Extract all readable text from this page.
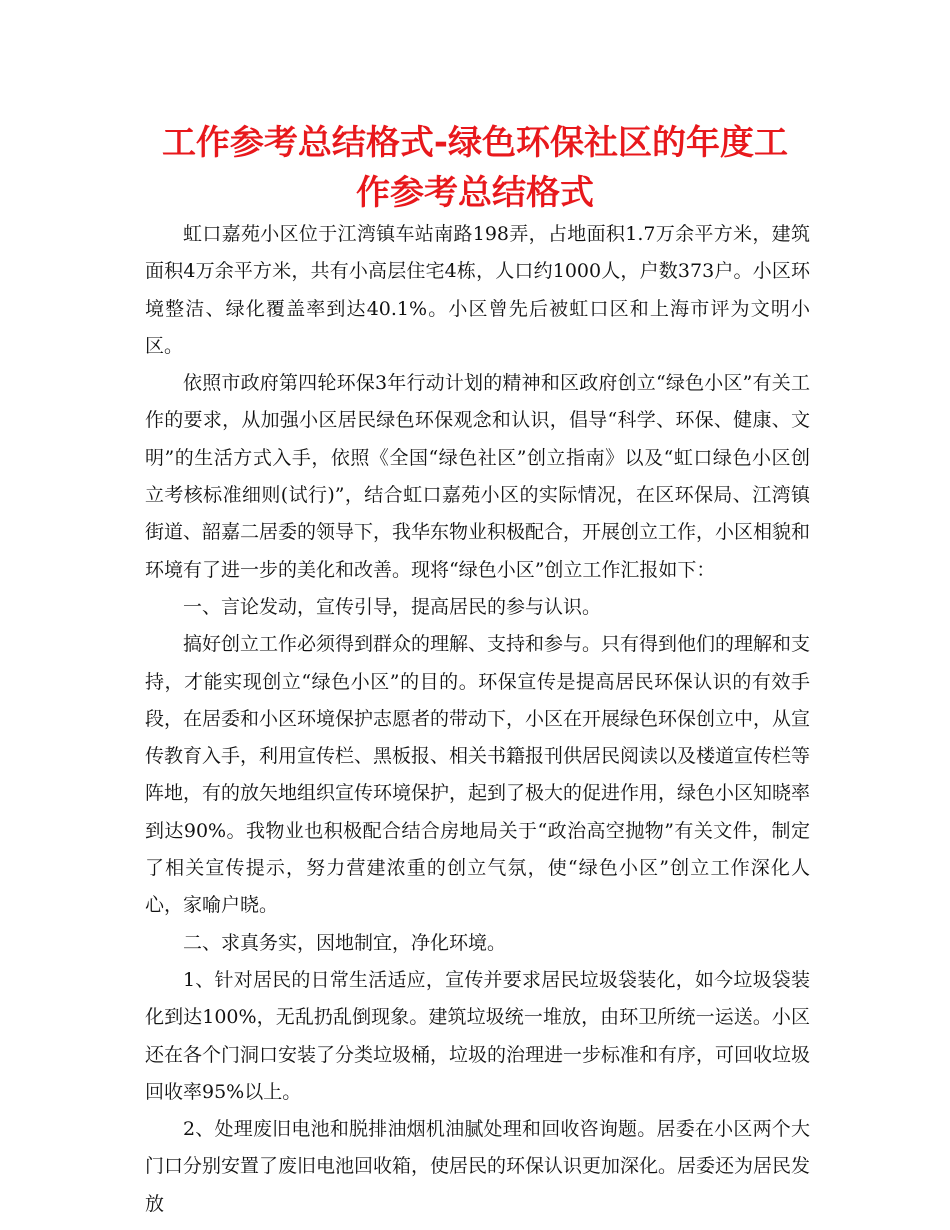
工作参考总结格式-绿色环保社区的年度工作参考总结格式

虹口嘉苑小区位于江湾镇车站南路198弄，占地面积1.7万余平方米，建筑面积4万余平方米，共有小高层住宅4栋，人口约1000人，户数373户。小区环境整洁、绿化覆盖率到达40.1%。小区曾先后被虹口区和上海市评为文明小区。

依照市政府第四轮环保3年行动计划的精神和区政府创立“绿色小区”有关工作的要求，从加强小区居民绿色环保观念和认识，倡导“科学、环保、健康、文明”的生活方式入手，依照《全国“绿色社区”创立指南》以及“虹口绿色小区创立考核标准细则(试行)”，结合虹口嘉苑小区的实际情况，在区环保局、江湾镇街道、韶嘉二居委的领导下，我华东物业积极配合，开展创立工作，小区相貌和环境有了进一步的美化和改善。现将“绿色小区”创立工作汇报如下：

一、言论发动，宣传引导，提高居民的参与认识。

搞好创立工作必须得到群众的理解、支持和参与。只有得到他们的理解和支持，才能实现创立“绿色小区”的目的。环保宣传是提高居民环保认识的有效手段，在居委和小区环境保护志愿者的带动下，小区在开展绿色环保创立中，从宣传教育入手，利用宣传栏、黑板报、相关书籍报刊供居民阅读以及楼道宣传栏等阵地，有的放矢地组织宣传环境保护，起到了极大的促进作用，绿色小区知晓率到达90%。我物业也积极配合结合房地局关于“政治高空抛物”有关文件，制定了相关宣传提示，努力营建浓重的创立气氛，使“绿色小区”创立工作深化人心，家喻户晓。

二、求真务实，因地制宜，净化环境。

1、针对居民的日常生活适应，宣传并要求居民垃圾袋装化，如今垃圾袋装化到达100%，无乱扔乱倒现象。建筑垃圾统一堆放，由环卫所统一运送。小区还在各个门洞口安装了分类垃圾桶，垃圾的治理进一步标准和有序，可回收垃圾回收率95%以上。

2、处理废旧电池和脱排油烟机油腻处理和回收咨询题。居委在小区两个大门口分别安置了废旧电池回收箱，使居民的环保认识更加深化。居委还为居民发放
